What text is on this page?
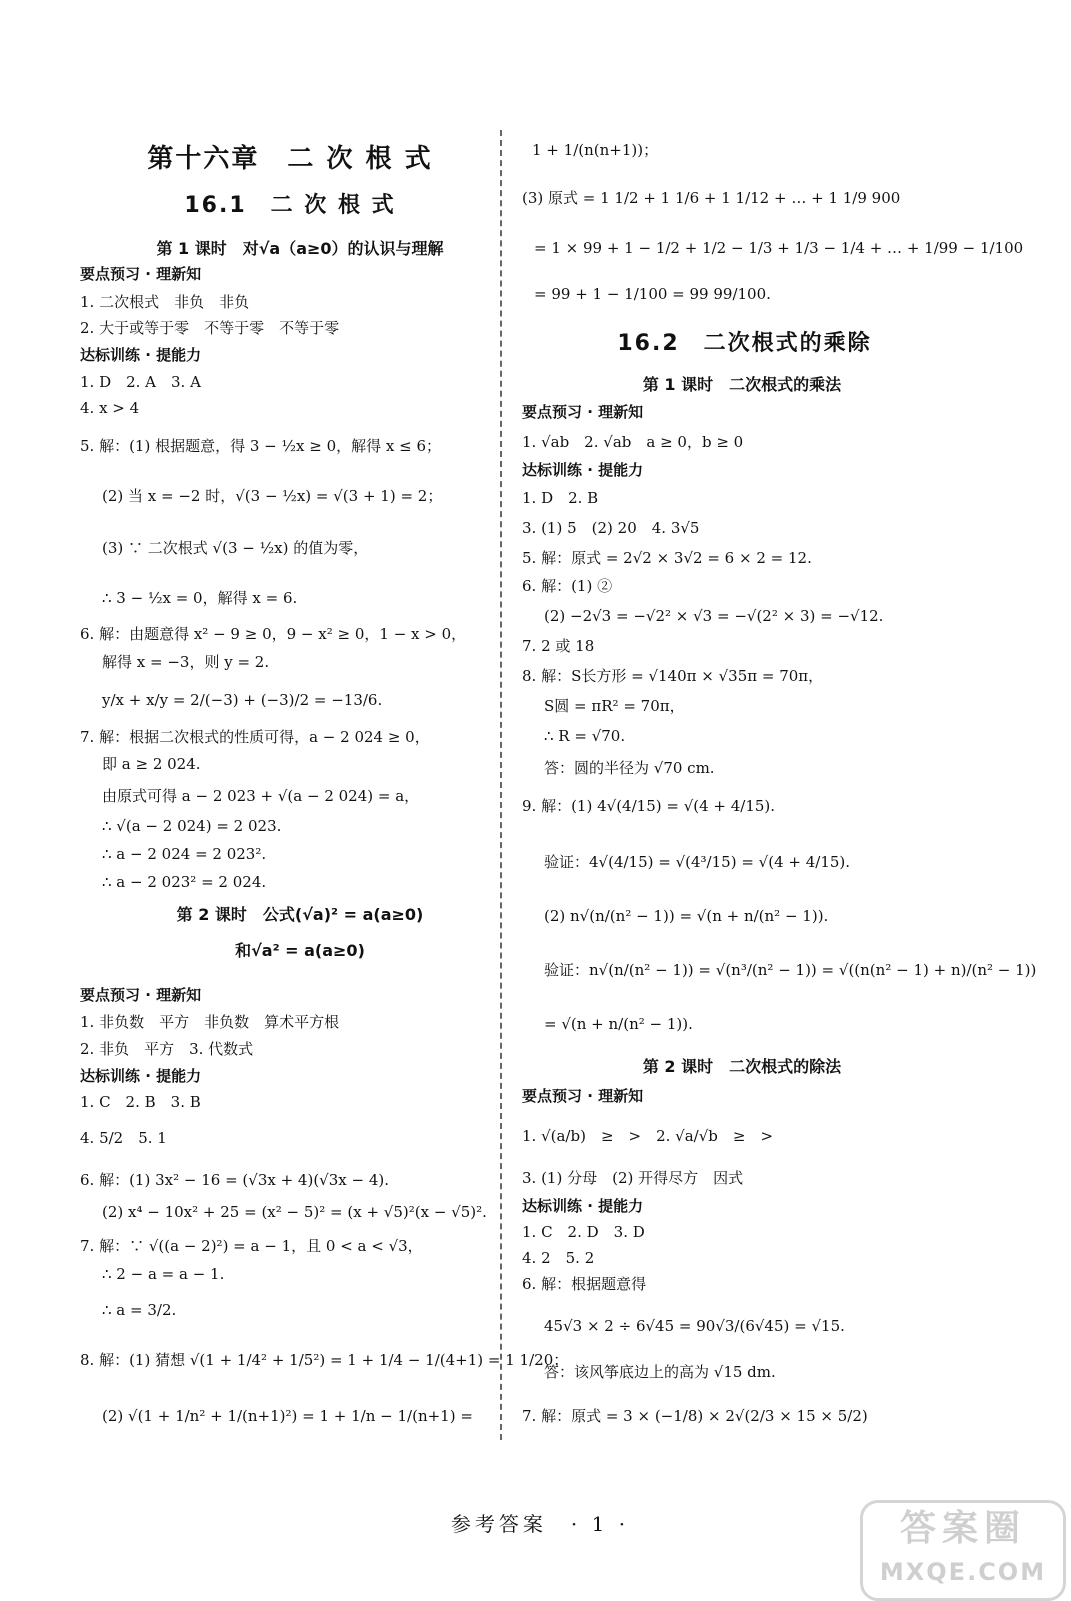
第十六章　二 次 根 式
16.1　二 次 根 式
第 1 课时　对√a（a≥0）的认识与理解
要点预习 · 理新知
1. 二次根式　非负　非负
2. 大于或等于零　不等于零　不等于零
达标训练 · 提能力
1. D　2. A　3. A
4. x > 4
5. 解：(1) 根据题意，得 3 − ½x ≥ 0，解得 x ≤ 6；
(2) 当 x = −2 时，√(3 − ½x) = √(3 + 1) = 2；
(3) ∵ 二次根式 √(3 − ½x) 的值为零，
∴ 3 − ½x = 0，解得 x = 6.
6. 解：由题意得 x² − 9 ≥ 0，9 − x² ≥ 0，1 − x > 0，
解得 x = −3，则 y = 2.
y/x + x/y = 2/(−3) + (−3)/2 = −13/6.
7. 解：根据二次根式的性质可得，a − 2 024 ≥ 0，
即 a ≥ 2 024.
由原式可得 a − 2 023 + √(a − 2 024) = a，
∴ √(a − 2 024) = 2 023.
∴ a − 2 024 = 2 023².
∴ a − 2 023² = 2 024.
第 2 课时　公式(√a)² = a(a≥0)
和√a² = a(a≥0)
要点预习 · 理新知
1. 非负数　平方　非负数　算术平方根
2. 非负　平方　3. 代数式
达标训练 · 提能力
1. C　2. B　3. B
4. 5/2　5. 1
6. 解：(1) 3x² − 16 = (√3x + 4)(√3x − 4).
(2) x⁴ − 10x² + 25 = (x² − 5)² = (x + √5)²(x − √5)².
7. 解：∵ √((a − 2)²) = a − 1，且 0 < a < √3，
∴ 2 − a = a − 1.
∴ a = 3/2.
8. 解：(1) 猜想 √(1 + 1/4² + 1/5²) = 1 + 1/4 − 1/(4+1) = 1 1/20；
(2) √(1 + 1/n² + 1/(n+1)²) = 1 + 1/n − 1/(n+1) =
1 + 1/(n(n+1))；
(3) 原式 = 1 1/2 + 1 1/6 + 1 1/12 + … + 1 1/9 900
= 1 × 99 + 1 − 1/2 + 1/2 − 1/3 + 1/3 − 1/4 + … + 1/99 − 1/100
= 99 + 1 − 1/100 = 99 99/100.
16.2　二次根式的乘除
第 1 课时　二次根式的乘法
要点预习 · 理新知
1. √ab　2. √ab　a ≥ 0，b ≥ 0
达标训练 · 提能力
1. D　2. B
3. (1) 5　(2) 20　4. 3√5
5. 解：原式 = 2√2 × 3√2 = 6 × 2 = 12.
6. 解：(1) ②
(2) −2√3 = −√2² × √3 = −√(2² × 3) = −√12.
7. 2 或 18
8. 解：S长方形 = √140π × √35π = 70π，
S圆 = πR² = 70π，
∴ R = √70.
答：圆的半径为 √70 cm.
9. 解：(1) 4√(4/15) = √(4 + 4/15).
验证：4√(4/15) = √(4³/15) = √(4 + 4/15).
(2) n√(n/(n² − 1)) = √(n + n/(n² − 1)).
验证：n√(n/(n² − 1)) = √(n³/(n² − 1)) = √((n(n² − 1) + n)/(n² − 1))
= √(n + n/(n² − 1)).
第 2 课时　二次根式的除法
要点预习 · 理新知
1. √(a/b)　≥　>　2. √a/√b　≥　>
3. (1) 分母　(2) 开得尽方　因式
达标训练 · 提能力
1. C　2. D　3. D
4. 2　5. 2
6. 解：根据题意得
45√3 × 2 ÷ 6√45 = 90√3/(6√45) = √15.
答：该风筝底边上的高为 √15 dm.
7. 解：原式 = 3 × (−1/8) × 2√(2/3 × 15 × 5/2)
参考答案　· 1 ·	答案圈
MXQE.COM
